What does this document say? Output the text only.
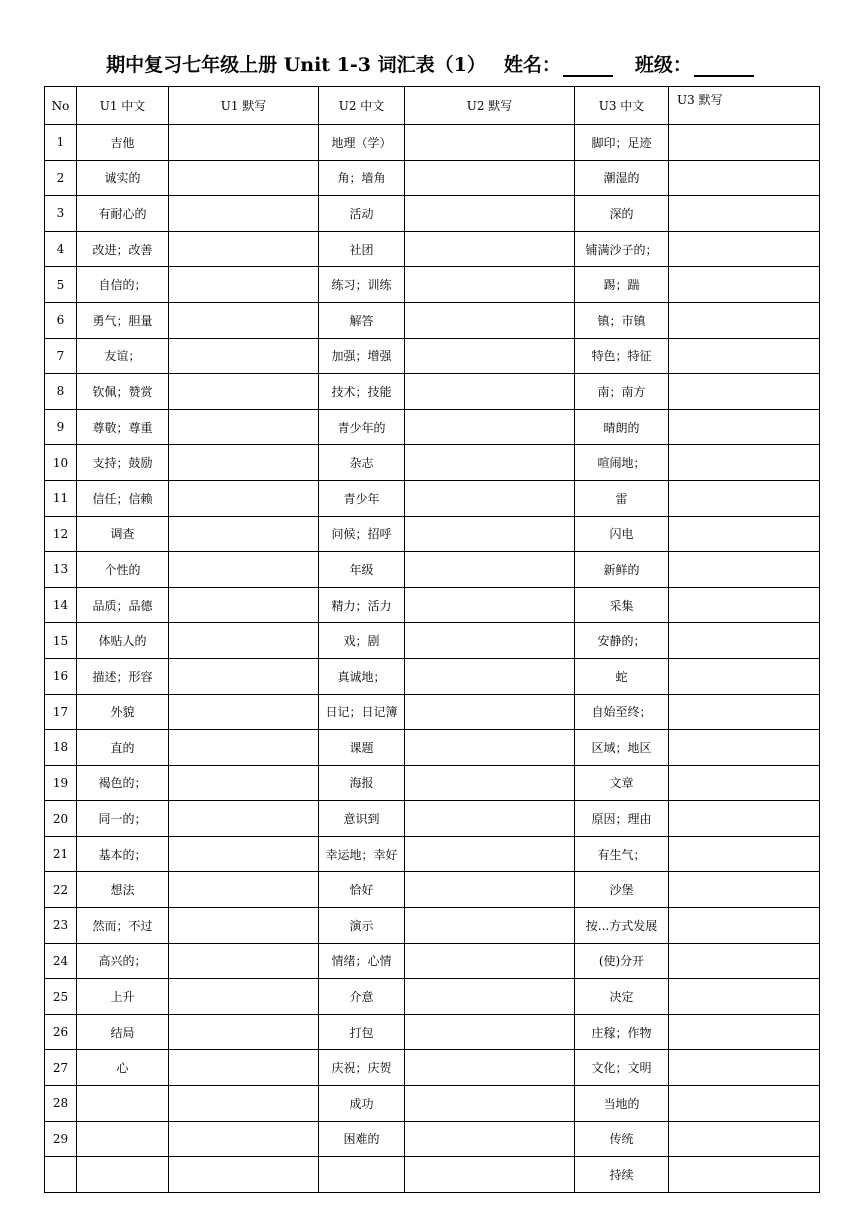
期中复习七年级上册 Unit 1-3 词汇表（1） 姓名：	班级：
No	U1 中文	U1 默写	U2 中文	U2 默写	U3 中文	U3 默写
1	吉他		地理（学）		脚印；足迹	
2	诚实的		角；墙角		潮湿的	
3	有耐心的		活动		深的	
4	改进；改善		社团		铺满沙子的；	
5	自信的；		练习；训练		踢；踹	
6	勇气；胆量		解答		镇；市镇	
7	友谊；		加强；增强		特色；特征	
8	钦佩；赞赏		技术；技能		南；南方	
9	尊敬；尊重		青少年的		晴朗的	
10	支持；鼓励		杂志		喧闹地；	
11	信任；信赖		青少年		雷	
12	调查		问候；招呼		闪电	
13	个性的		年级		新鲜的	
14	品质；品德		精力；活力		采集	
15	体贴人的		戏；剧		安静的；	
16	描述；形容		真诚地；		蛇	
17	外貌		日记；日记簿		自始至终；	
18	直的		课题		区域；地区	
19	褐色的；		海报		文章	
20	同一的；		意识到		原因；理由	
21	基本的；		幸运地；幸好		有生气；	
22	想法		恰好		沙堡	
23	然而；不过		演示		按...方式发展	
24	高兴的；		情绪；心情		(使)分开	
25	上升		介意		决定	
26	结局		打包		庄稼；作物	
27	心		庆祝；庆贺		文化；文明	
28			成功		当地的	
29			困难的		传统	
					持续	
